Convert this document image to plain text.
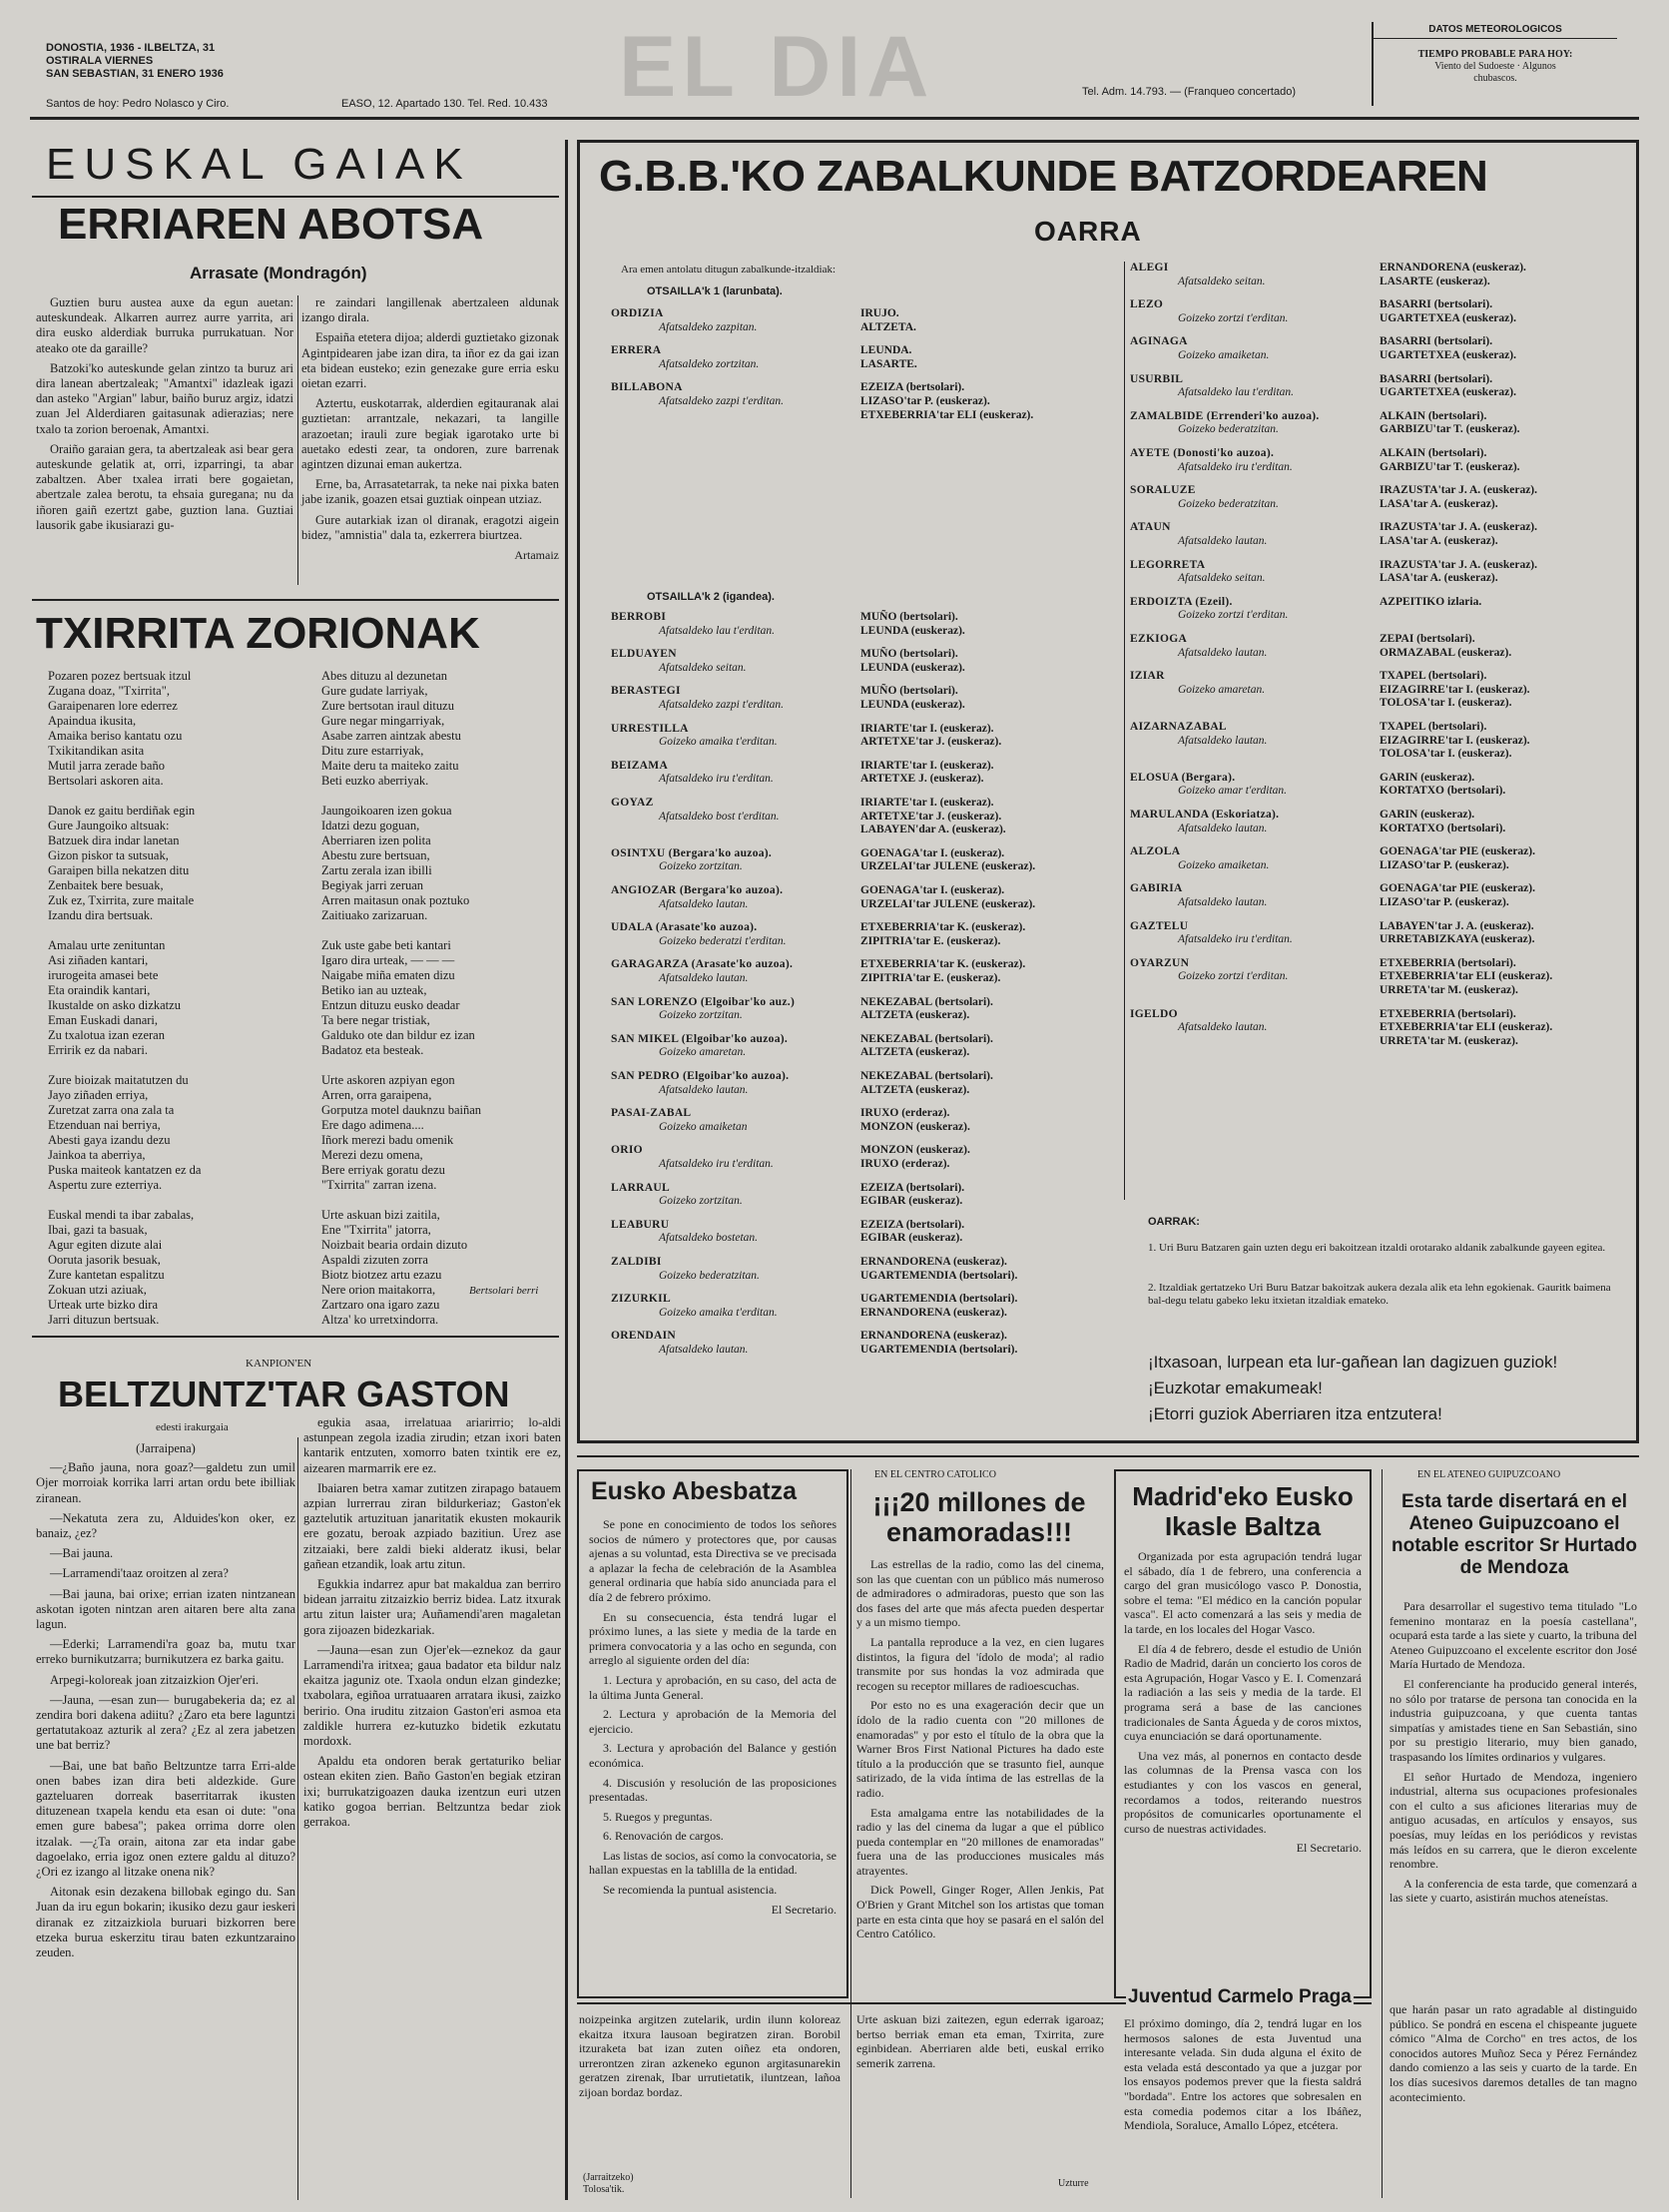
DONOSTIA, 1936 - ILBELTZA, 31
OSTIRALA VIERNES
SAN SEBASTIAN, 31 ENERO 1936
Santos de hoy: Pedro Nolasco y Ciro.	EL DIA
EASO, 12. Apartado 130. Tel. Red. 10.433
Tel. Adm. 14.793. — (Franqueo concertado)
DATOS METEOROLOGICOS
TIEMPO PROBABLE PARA HOY:
Viento del Sudoeste · Algunos
chubascos.
EUSKAL GAIAK
ERRIAREN ABOTSA
Arrasate (Mondragón)

Guztien buru austea auxe da egun auetan: auteskundeak. Alkarren aurrez aurre yarrita, ari dira eusko alderdiak burruka purrukatuan. Nor ateako ote da garaille?

Batzoki'ko auteskunde gelan zintzo ta buruz ari dira lanean abertzaleak; "Amantxi" idazleak igazi dan asteko "Argian" labur, baiño buruz argiz, idatzi zuan Jel Alderdiaren gaitasunak adierazias; nere txalo ta zorion beroenak, Amantxi.

Oraiño garaian gera, ta abertzaleak asi bear gera auteskunde gelatik at, orri, izparringi, ta abar zabaltzen. Aber txalea irrati bere gogaietan, abertzale zalea berotu, ta ehsaia guregana; nu da iñoren gaiñ ezertzt gabe, guztion lana. Guztiai lausorik gabe ikusiarazi gu-

re zaindari langillenak abertzaleen aldunak izango dirala.

Espaiña etetera dijoa; alderdi guztietako gizonak Agintpidearen jabe izan dira, ta iñor ez da gai izan eta bidean eusteko; ezin genezake gure erria esku oietan ezarri.

Aztertu, euskotarrak, alderdien egitauranak alai guztietan: arrantzale, nekazari, ta langille arazoetan; irauli zure begiak igarotako urte bi auetako edesti zear, ta ondoren, zure barrenak agintzen dizunai eman aukertza.

Erne, ba, Arrasatetarrak, ta neke nai pixka baten jabe izanik, goazen etsai guztiak oinpean utziaz.

Gure autarkiak izan ol diranak, eragotzi aigein bidez, "amnistia" dala ta, ezkerrera biurtzea.

Artamaiz
TXIRRITA ZORIONAK
Pozaren pozez bertsuak itzul
Zugana doaz, "Txirrita",
Garaipenaren lore ederrez
Apaindua ikusita,
Amaika beriso kantatu ozu
Txikitandikan asita
Mutil jarra zerade baño
Bertsolari askoren aita.

Danok ez gaitu berdiñak egin
Gure Jaungoiko altsuak:
Batzuek dira indar lanetan
Gizon piskor ta sutsuak,
Garaipen billa nekatzen ditu
Zenbaitek bere besuak,
Zuk ez, Txirrita, zure maitale
Izandu dira bertsuak.

Amalau urte zenituntan
Asi ziñaden kantari,
irurogeita amasei bete
Eta oraindik kantari,
Ikustalde on asko dizkatzu
Eman Euskadi danari,
Zu txalotua izan ezeran
Erririk ez da nabari.

Zure bioizak maitatutzen du
Jayo ziñaden erriya,
Zuretzat zarra ona zala ta
Etzenduan nai berriya,
Abesti gaya izandu dezu
Jainkoa ta aberriya,
Puska maiteok kantatzen ez da
Aspertu zure ezterriya.

Euskal mendi ta ibar zabalas,
Ibai, gazi ta basuak,
Agur egiten dizute alai
Ooruta jasorik besuak,
Zure kantetan espalitzu
Zokuan utzi aziuak,
Urteak urte bizko dira
Jarri dituzun bertsuak.
Abes dituzu al dezunetan
Gure gudate larriyak,
Zure bertsotan iraul dituzu
Gure negar mingarriyak,
Asabe zarren aintzak abestu
Ditu zure estarriyak,
Maite deru ta maiteko zaitu
Beti euzko aberriyak.

Jaungoikoaren izen gokua
Idatzi dezu goguan,
Aberriaren izen polita
Abestu zure bertsuan,
Zartu zerala izan ibilli
Begiyak jarri zeruan
Arren maitasun onak poztuko
Zaitiuako zarizaruan.

Zuk uste gabe beti kantari
Igaro dira urteak, — — —
Naigabe miña ematen dizu
Betiko ian au uzteak,
Entzun dituzu eusko deadar
Ta bere negar tristiak,
Galduko ote dan bildur ez izan
Badatoz eta besteak.

Urte askoren azpiyan egon
Arren, orra garaipena,
Gorputza motel dauknzu baiñan
Ere dago adimena....
Iñork merezi badu omenik
Merezi dezu omena,
Bere erriyak goratu dezu
"Txirrita" zarran izena.

Urte askuan bizi zaitila,
Ene "Txirrita" jatorra,
Noizbait bearia ordain dizuto
Aspaldi zizuten zorra
Biotz biotzez artu ezazu
Nere orion maitakorra,
Zartzaro ona igaro zazu
Altza' ko urretxindorra.
Bertsolari berri
KANPION'EN
BELTZUNTZ'TAR GASTON
edesti irakurgaia
(Jarraipena)

—¿Baño jauna, nora goaz?—galdetu zun umil Ojer morroiak korrika larri artan ordu bete ibilliak ziranean.

—Nekatuta zera zu, Alduides'kon oker, ez banaiz, ¿ez?

—Bai jauna.

—Larramendi'taaz oroitzen al zera?

—Bai jauna, bai orixe; errian izaten nintzanean askotan igoten nintzan aren aitaren bere alta zana lagun.

—Ederki; Larramendi'ra goaz ba, mutu txar erreko burnikutzarra; burnikutzera ez barka gaitu.

Arpegi-koloreak joan zitzaizkion Ojer'eri.

—Jauna, —esan zun— burugabekeria da; ez al zendira bori dakena adiitu? ¿Zaro eta bere laguntzi gertatutakoaz azturik al zera? ¿Ez al zera jabetzen une bat berriz?

—Bai, une bat baño Beltzuntze tarra Erri-alde onen babes izan dira beti aldezkide. Gure gazteluaren dorreak baserritarrak ikusten dituzenean txapela kendu eta esan oi dute: "ona emen gure babesa"; pakea orrima dorre olen itzalak. —¿Ta orain, aitona zar eta indar gabe dagoelako, erria igoz onen eztere galdu al dituzo? ¿Ori ez izango al litzake onena nik?

Aitonak esin dezakena billobak egingo du. San Juan da iru egun bokarin; ikusiko dezu gaur ieskeri diranak ez zitzaizkiola buruari bizkorren bere etzeka burua eskerzitu tirau baten ezkuntzaraino zeuden.

egukia asaa, irrelatuaa ariarirrio; lo-aldi astunpean zegola izadia zirudin; etzan ixori baten kantarik entzuten, xomorro baten txintik ere ez, aizearen marmarrik ere ez.

Ibaiaren betra xamar zutitzen zirapago batauem azpian lurrerrau ziran bildurkeriaz; Gaston'ek gaztelutik artuzituan janaritatik ekusten mokaurik ere gozatu, beroak azpiado bazitiun. Urez ase zitzaiaki, bere zaldi bieki alderatz ikusi, belar gañean etzandik, loak artu zitun.

Egukkia indarrez apur bat makaldua zan berriro bidean jarraitu zitzaizkio berriz bidea. Latz itxurak artu zitun laister ura; Auñamendi'aren magaletan gora zijoazen bidezkariak.

—Jauna—esan zun Ojer'ek—eznekoz da gaur Larramendi'ra iritxea; gaua badator eta bildur nalz ekaitza jaguniz ote. Txaola ondun elzan gindezke; txabolara, egiñoa urratuaaren arratara ikusi, zaizko beririo. Ona iruditu zitzaion Gaston'eri asmoa eta zaldikle hurrera ez-kutuzko bidetik ezkutatu mordoxk.

Apaldu eta ondoren berak gertaturiko beliar ostean ekiten zien. Baño Gaston'en begiak etziran ixi; burrukatzigoazen dauka izentzun euri utzen katiko gogoa berrian. Beltzuntza bedar ziok gerrakoa.

G.B.B.'KO ZABALKUNDE BATZORDEAREN
OARRA
Ara emen antolatu ditugun zabalkunde-itzaldiak:
OTSAILLA'k 1 (larunbata).
OTSAILLA'k 2 (igandea).
ORDIZIA
Afatsaldeko zazpitan.
IRUJO.
ALTZETA.
ERRERA
Afatsaldeko zortzitan.
LEUNDA.
LASARTE.
BILLABONA
Afatsaldeko zazpi t'erditan.
EZEIZA (bertsolari).
LIZASO'tar P. (euskeraz).
ETXEBERRIA'tar ELI (euskeraz).
BERROBI
Afatsaldeko lau t'erditan.
MUÑO (bertsolari).
LEUNDA (euskeraz).
ELDUAYEN
Afatsaldeko seitan.
MUÑO (bertsolari).
LEUNDA (euskeraz).
BERASTEGI
Afatsaldeko zazpi t'erditan.
MUÑO (bertsolari).
LEUNDA (euskeraz).
URRESTILLA
Goizeko amaika t'erditan.
IRIARTE'tar I. (euskeraz).
ARTETXE'tar J. (euskeraz).
BEIZAMA
Afatsaldeko iru t'erditan.
IRIARTE'tar I. (euskeraz).
ARTETXE J. (euskeraz).
GOYAZ
Afatsaldeko bost t'erditan.
IRIARTE'tar I. (euskeraz).
ARTETXE'tar J. (euskeraz).
LABAYEN'dar A. (euskeraz).
OSINTXU (Bergara'ko auzoa).
Goizeko zortzitan.
GOENAGA'tar I. (euskeraz).
URZELAI'tar JULENE (euskeraz).
ANGIOZAR (Bergara'ko auzoa).
Afatsaldeko lautan.
GOENAGA'tar I. (euskeraz).
URZELAI'tar JULENE (euskeraz).
UDALA (Arasate'ko auzoa).
Goizeko bederatzi t'erditan.
ETXEBERRIA'tar K. (euskeraz).
ZIPITRIA'tar E. (euskeraz).
GARAGARZA (Arasate'ko auzoa).
Afatsaldeko lautan.
ETXEBERRIA'tar K. (euskeraz).
ZIPITRIA'tar E. (euskeraz).
SAN LORENZO (Elgoibar'ko auz.)
Goizeko zortzitan.
NEKEZABAL (bertsolari).
ALTZETA (euskeraz).
SAN MIKEL (Elgoibar'ko auzoa).
Goizeko amaretan.
NEKEZABAL (bertsolari).
ALTZETA (euskeraz).
SAN PEDRO (Elgoibar'ko auzoa).
Afatsaldeko lautan.
NEKEZABAL (bertsolari).
ALTZETA (euskeraz).
PASAI-ZABAL
Goizeko amaiketan
IRUXO (erderaz).
MONZON (euskeraz).
ORIO
Afatsaldeko iru t'erditan.
MONZON (euskeraz).
IRUXO (erderaz).
LARRAUL
Goizeko zortzitan.
EZEIZA (bertsolari).
EGIBAR (euskeraz).
LEABURU
Afatsaldeko bostetan.
EZEIZA (bertsolari).
EGIBAR (euskeraz).
ZALDIBI
Goizeko bederatzitan.
ERNANDORENA (euskeraz).
UGARTEMENDIA (bertsolari).
ZIZURKIL
Goizeko amaika t'erditan.
UGARTEMENDIA (bertsolari).
ERNANDORENA (euskeraz).
ORENDAIN
Afatsaldeko lautan.
ERNANDORENA (euskeraz).
UGARTEMENDIA (bertsolari).
ALEGI
Afatsaldeko seitan.
ERNANDORENA (euskeraz).
LASARTE (euskeraz).
LEZO
Goizeko zortzi t'erditan.
BASARRI (bertsolari).
UGARTETXEA (euskeraz).
AGINAGA
Goizeko amaiketan.
BASARRI (bertsolari).
UGARTETXEA (euskeraz).
USURBIL
Afatsaldeko lau t'erditan.
BASARRI (bertsolari).
UGARTETXEA (euskeraz).
ZAMALBIDE (Errenderi'ko auzoa).
Goizeko bederatzitan.
ALKAIN (bertsolari).
GARBIZU'tar T. (euskeraz).
AYETE (Donosti'ko auzoa).
Afatsaldeko iru t'erditan.
ALKAIN (bertsolari).
GARBIZU'tar T. (euskeraz).
SORALUZE
Goizeko bederatzitan.
IRAZUSTA'tar J. A. (euskeraz).
LASA'tar A. (euskeraz).
ATAUN
Afatsaldeko lautan.
IRAZUSTA'tar J. A. (euskeraz).
LASA'tar A. (euskeraz).
LEGORRETA
Afatsaldeko seitan.
IRAZUSTA'tar J. A. (euskeraz).
LASA'tar A. (euskeraz).
ERDOIZTA (Ezeil).
Goizeko zortzi t'erditan.
AZPEITIKO izlaria.
EZKIOGA
Afatsaldeko lautan.
ZEPAI (bertsolari).
ORMAZABAL (euskeraz).
IZIAR
Goizeko amaretan.
TXAPEL (bertsolari).
EIZAGIRRE'tar I. (euskeraz).
TOLOSA'tar I. (euskeraz).
AIZARNAZABAL
Afatsaldeko lautan.
TXAPEL (bertsolari).
EIZAGIRRE'tar I. (euskeraz).
TOLOSA'tar I. (euskeraz).
ELOSUA (Bergara).
Goizeko amar t'erditan.
GARIN (euskeraz).
KORTATXO (bertsolari).
MARULANDA (Eskoriatza).
Afatsaldeko lautan.
GARIN (euskeraz).
KORTATXO (bertsolari).
ALZOLA
Goizeko amaiketan.
GOENAGA'tar PIE (euskeraz).
LIZASO'tar P. (euskeraz).
GABIRIA
Afatsaldeko lautan.
GOENAGA'tar PIE (euskeraz).
LIZASO'tar P. (euskeraz).
GAZTELU
Afatsaldeko iru t'erditan.
LABAYEN'tar J. A. (euskeraz).
URRETABIZKAYA (euskeraz).
OYARZUN
Goizeko zortzi t'erditan.
ETXEBERRIA (bertsolari).
ETXEBERRIA'tar ELI (euskeraz).
URRETA'tar M. (euskeraz).
IGELDO
Afatsaldeko lautan.
ETXEBERRIA (bertsolari).
ETXEBERRIA'tar ELI (euskeraz).
URRETA'tar M. (euskeraz).
OARRAK:
1. Uri Buru Batzaren gain uzten degu eri bakoitzean itzaldi orotarako aldanik zabalkunde gayeen egitea.
2. Itzaldiak gertatzeko Uri Buru Batzar bakoitzak aukera dezala alik eta lehn egokienak. Gauritk baimena bal-degu telatu gabeko leku itxietan itzaldiak emateko.
¡Itxasoan, lurpean eta lur-gañean lan dagizuen guziok! ¡Euzkotar emakumeak!
¡Etorri guziok Aberriaren itza entzutera!
Eusko Abesbatza

Se pone en conocimiento de todos los señores socios de número y protectores que, por causas ajenas a su voluntad, esta Directiva se ve precisada a aplazar la fecha de celebración de la Asamblea general ordinaria que había sido anunciada para el día 2 de febrero próximo.

En su consecuencia, ésta tendrá lugar el próximo lunes, a las siete y media de la tarde en primera convocatoria y a las ocho en segunda, con arreglo al siguiente orden del día:

1. Lectura y aprobación, en su caso, del acta de la última Junta General.

2. Lectura y aprobación de la Memoria del ejercicio.

3. Lectura y aprobación del Balance y gestión económica.

4. Discusión y resolución de las proposiciones presentadas.

5. Ruegos y preguntas.

6. Renovación de cargos.

Las listas de socios, así como la convocatoria, se hallan expuestas en la tablilla de la entidad.

Se recomienda la puntual asistencia.

El Secretario.
EN EL CENTRO CATOLICO
¡¡¡20 millones de enamoradas!!!

Las estrellas de la radio, como las del cinema, son las que cuentan con un público más numeroso de admiradores o admiradoras, puesto que son las dos fases del arte que más afecta pueden despertar y a un mismo tiempo.

La pantalla reproduce a la vez, en cien lugares distintos, la figura del 'ídolo de moda'; al radio transmite por sus hondas la voz admirada que recogen su receptor millares de radioescuchas.

Por esto no es una exageración decir que un ídolo de la radio cuenta con "20 millones de enamoradas" y por esto el título de la obra que la Warner Bros First National Pictures ha dado este título a la producción que se trasunto fiel, aunque satirizado, de la vida íntima de las estrellas de la radio.

Esta amalgama entre las notabilidades de la radio y las del cinema da lugar a que el público pueda contemplar en "20 millones de enamoradas" fuera una de las producciones musicales más atrayentes.

Dick Powell, Ginger Roger, Allen Jenkis, Pat O'Brien y Grant Mitchel son los artistas que toman parte en esta cinta que hoy se pasará en el salón del Centro Católico.

Madrid'eko Eusko Ikasle Baltza

Organizada por esta agrupación tendrá lugar el sábado, día 1 de febrero, una conferencia a cargo del gran musicólogo vasco P. Donostia, sobre el tema: "El médico en la canción popular vasca". El acto comenzará a las seis y media de la tarde, en los locales del Hogar Vasco.

El día 4 de febrero, desde el estudio de Unión Radio de Madrid, darán un concierto los coros de esta Agrupación, Hogar Vasco y E. I. Comenzará la radiación a las seis y media de la tarde. El programa será a base de las canciones tradicionales de Santa Águeda y de coros mixtos, cuya enunciación se dará oportunamente.

Una vez más, al ponernos en contacto desde las columnas de la Prensa vasca con los estudiantes y con los vascos en general, recordamos a todos, reiterando nuestros propósitos de comunicarles oportunamente el curso de nuestras actividades.

El Secretario.
EN EL ATENEO GUIPUZCOANO
Esta tarde disertará en el Ateneo Guipuzcoano el notable escritor Sr Hurtado de Mendoza

Para desarrollar el sugestivo tema titulado "Lo femenino montaraz en la poesía castellana", ocupará esta tarde a las siete y cuarto, la tribuna del Ateneo Guipuzcoano el excelente escritor don José María Hurtado de Mendoza.

El conferenciante ha producido general interés, no sólo por tratarse de persona tan conocida en la industria guipuzcoana, y que cuenta tantas simpatías y amistades tiene en San Sebastián, sino por su prestigio literario, muy bien ganado, traspasando los límites ordinarios y vulgares.

El señor Hurtado de Mendoza, ingeniero industrial, alterna sus ocupaciones profesionales con el culto a sus aficiones literarias muy de antiguo acusadas, en artículos y ensayos, sus poesías, muy leídas en los periódicos y revistas más leídos en su carrera, que le dieron excelente renombre.

A la conferencia de esta tarde, que comenzará a las siete y cuarto, asistirán muchos ateneístas.

noizpeinka argitzen zutelarik, urdin ilunn koloreaz ekaitza itxura lausoan begiratzen ziran. Borobil itzuraketa bat izan zuten oiñez eta ondoren, urrerontzen ziran azkeneko egunon argitasunarekin geratzen zirenak, Ibar urrutietatik, iluntzean, lañoa zijoan bordaz bordaz.
(Jarraitzeko)
Tolosa'tik.
Urte askuan bizi zaitezen, egun ederrak igaroaz; bertso berriak eman eta eman, Txirrita, zure eginbidean. Aberriaren alde beti, euskal erriko semerik zarrena.
Uzturre
Juventud Carmelo Praga
El próximo domingo, día 2, tendrá lugar en los hermosos salones de esta Juventud una interesante velada. Sin duda alguna el éxito de esta velada está descontado ya que a juzgar por los ensayos podemos prever que la fiesta saldrá "bordada". Entre los actores que sobresalen en esta comedia podemos citar a los Ibáñez, Mendiola, Soraluce, Amallo López, etcétera.
que harán pasar un rato agradable al distinguido público. Se pondrá en escena el chispeante juguete cómico "Alma de Corcho" en tres actos, de los conocidos autores Muñoz Seca y Pérez Fernández dando comienzo a las seis y cuarto de la tarde. En los días sucesivos daremos detalles de tan magno acontecimiento.
